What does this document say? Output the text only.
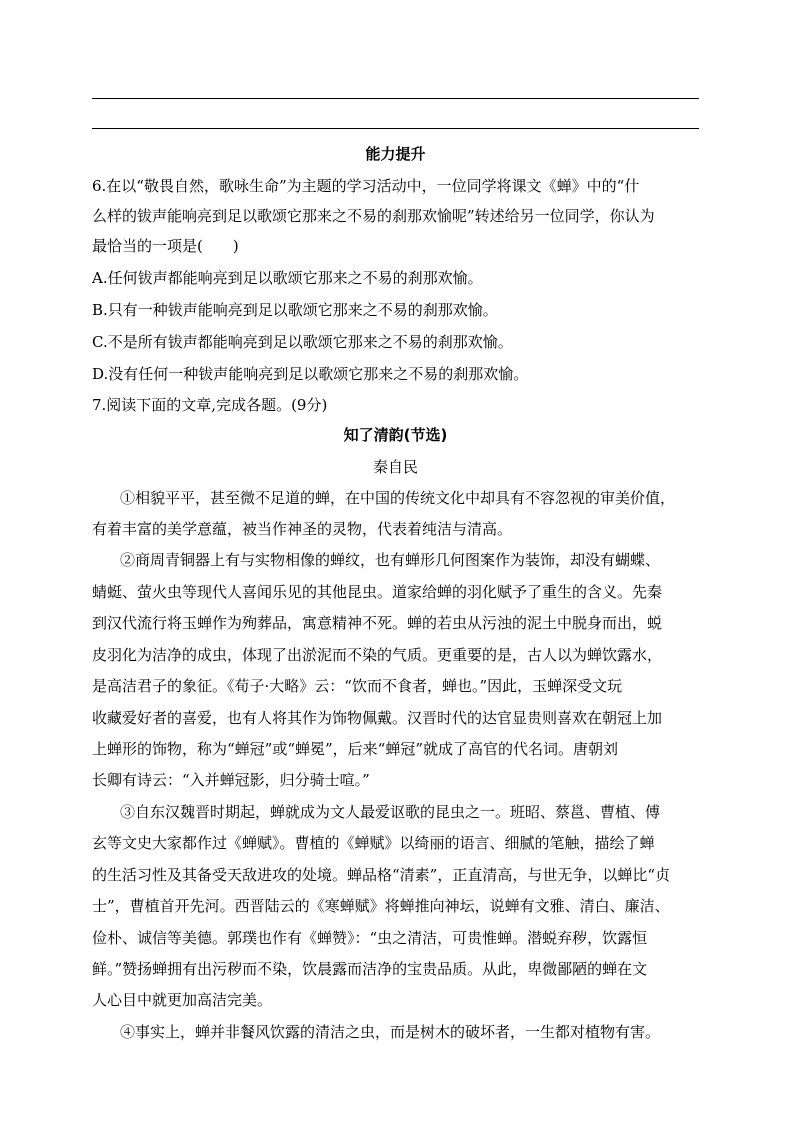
能力提升
6.在以“敬畏自然，歌咏生命”为主题的学习活动中，一位同学将课文《蝉》中的“什
么样的钹声能响亮到足以歌颂它那来之不易的刹那欢愉呢”转述给另一位同学，你认为
最恰当的一项是(　　)
A.任何钹声都能响亮到足以歌颂它那来之不易的刹那欢愉。
B.只有一种钹声能响亮到足以歌颂它那来之不易的刹那欢愉。
C.不是所有钹声都能响亮到足以歌颂它那来之不易的刹那欢愉。
D.没有任何一种钹声能响亮到足以歌颂它那来之不易的刹那欢愉。
7.阅读下面的文章,完成各题。(9分)
知了清韵(节选)
秦自民
①相貌平平，甚至微不足道的蝉，在中国的传统文化中却具有不容忽视的审美价值，
有着丰富的美学意蕴，被当作神圣的灵物，代表着纯洁与清高。
②商周青铜器上有与实物相像的蝉纹，也有蝉形几何图案作为装饰，却没有蝴蝶、
蜻蜓、萤火虫等现代人喜闻乐见的其他昆虫。道家给蝉的羽化赋予了重生的含义。先秦
到汉代流行将玉蝉作为殉葬品，寓意精神不死。蝉的若虫从污浊的泥土中脱身而出，蜕
皮羽化为洁净的成虫，体现了出淤泥而不染的气质。更重要的是，古人以为蝉饮露水，
是高洁君子的象征。《荀子·大略》云：“饮而不食者，蝉也。”因此，玉蝉深受文玩
收藏爱好者的喜爱，也有人将其作为饰物佩戴。汉晋时代的达官显贵则喜欢在朝冠上加
上蝉形的饰物，称为“蝉冠”或“蝉冕”，后来“蝉冠”就成了高官的代名词。唐朝刘
长卿有诗云：“入并蝉冠影，归分骑士喧。”
③自东汉魏晋时期起，蝉就成为文人最爱讴歌的昆虫之一。班昭、蔡邕、曹植、傅
玄等文史大家都作过《蝉赋》。曹植的《蝉赋》以绮丽的语言、细腻的笔触，描绘了蝉
的生活习性及其备受天敌进攻的处境。蝉品格“清素”，正直清高，与世无争，以蝉比“贞
士”，曹植首开先河。西晋陆云的《寒蝉赋》将蝉推向神坛，说蝉有文雅、清白、廉洁、
俭朴、诚信等美德。郭璞也作有《蝉赞》：“虫之清洁，可贵惟蝉。潜蜕弃秽，饮露恒
鲜。”赞扬蝉拥有出污秽而不染，饮晨露而洁净的宝贵品质。从此，卑微鄙陋的蝉在文
人心目中就更加高洁完美。
④事实上，蝉并非餐风饮露的清洁之虫，而是树木的破坏者，一生都对植物有害。
